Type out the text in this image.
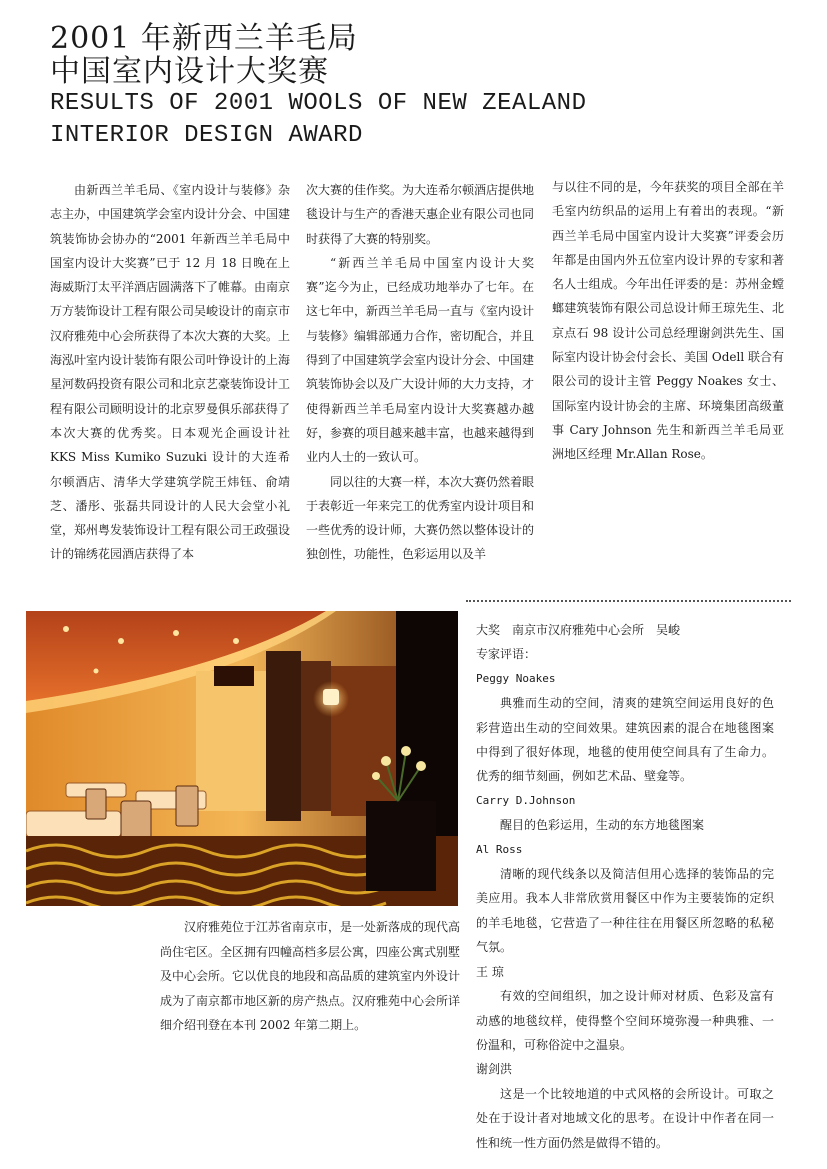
2001 年新西兰羊毛局
中国室内设计大奖赛
RESULTS OF 2001 WOOLS OF NEW ZEALAND
INTERIOR DESIGN AWARD

由新西兰羊毛局、《室内设计与装修》杂志主办，中国建筑学会室内设计分会、中国建筑装饰协会协办的“2001 年新西兰羊毛局中国室内设计大奖赛”已于 12 月 18 日晚在上海威斯汀太平洋酒店圆满落下了帷幕。由南京万方装饰设计工程有限公司吴峻设计的南京市汉府雅苑中心会所获得了本次大赛的大奖。上海泓叶室内设计装饰有限公司叶铮设计的上海星河数码投资有限公司和北京艺豪装饰设计工程有限公司顾明设计的北京罗曼俱乐部获得了本次大赛的优秀奖。日本观光企画设计社 KKS Miss Kumiko Suzuki 设计的大连希尔顿酒店、清华大学建筑学院王炜钰、俞靖芝、潘彤、张磊共同设计的人民大会堂小礼堂，郑州粤发装饰设计工程有限公司王政强设计的锦绣花园酒店获得了本

次大赛的佳作奖。为大连希尔顿酒店提供地毯设计与生产的香港天惠企业有限公司也同时获得了大赛的特别奖。

“新西兰羊毛局中国室内设计大奖赛”迄今为止，已经成功地举办了七年。在这七年中，新西兰羊毛局一直与《室内设计与装修》编辑部通力合作，密切配合，并且得到了中国建筑学会室内设计分会、中国建筑装饰协会以及广大设计师的大力支持，才使得新西兰羊毛局室内设计大奖赛越办越好，参赛的项目越来越丰富，也越来越得到业内人士的一致认可。

同以往的大赛一样，本次大赛仍然着眼于表彰近一年来完工的优秀室内设计项目和一些优秀的设计师，大赛仍然以整体设计的独创性，功能性，色彩运用以及羊

与以往不同的是，今年获奖的项目全部在羊毛室内纺织品的运用上有着出的表现。“新西兰羊毛局中国室内设计大奖赛”评委会历年都是由国内外五位室内设计界的专家和著名人士组成。今年出任评委的是：苏州金螳螂建筑装饰有限公司总设计师王琼先生、北京点石 98 设计公司总经理谢剑洪先生、国际室内设计协会付会长、美国 Odell 联合有限公司的设计主管 Peggy Noakes 女士、国际室内设计协会的主席、环境集团高级董事 Cary Johnson 先生和新西兰羊毛局亚洲地区经理 Mr.Allan Rose。

汉府雅苑位于江苏省南京市，是一处新落成的现代高尚住宅区。全区拥有四幢高档多层公寓，四座公寓式别墅及中心会所。它以优良的地段和高品质的建筑室内外设计成为了南京都市地区新的房产热点。汉府雅苑中心会所详细介绍刊登在本刊 2002 年第二期上。

大奖　南京市汉府雅苑中心会所　吴峻

专家评语：

Peggy Noakes

典雅而生动的空间，清爽的建筑空间运用良好的色彩营造出生动的空间效果。建筑因素的混合在地毯图案中得到了很好体现，地毯的使用使空间具有了生命力。优秀的细节刻画，例如艺术品、壁龛等。

Carry D.Johnson

醒目的色彩运用，生动的东方地毯图案

Al Ross

清晰的现代线条以及简洁但用心选择的装饰品的完美应用。我本人非常欣赏用餐区中作为主要装饰的定织的羊毛地毯，它营造了一种往往在用餐区所忽略的私秘气氛。

王 琼

有效的空间组织，加之设计师对材质、色彩及富有动感的地毯纹样，使得整个空间环境弥漫一种典雅、一份温和，可称俗淀中之温泉。

谢剑洪

这是一个比较地道的中式风格的会所设计。可取之处在于设计者对地域文化的思考。在设计中作者在同一性和统一性方面仍然是做得不错的。
